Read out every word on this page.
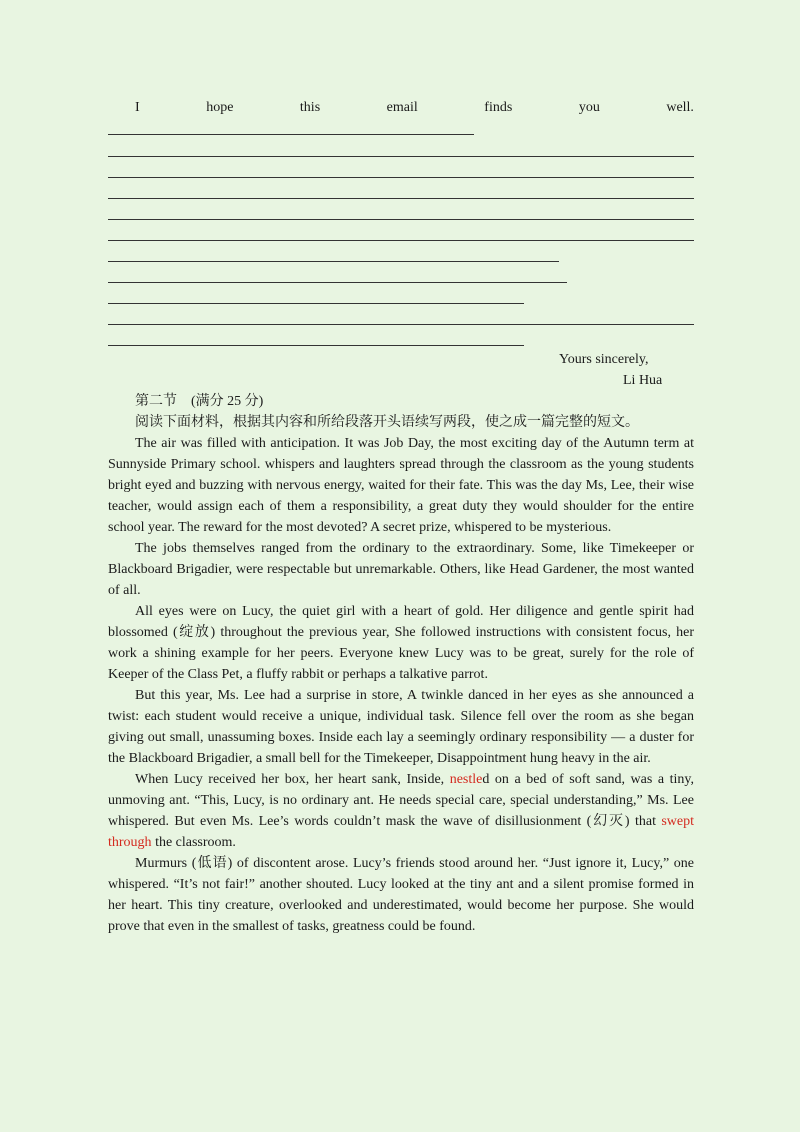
I	hope	this	email	finds	you	well.
Yours sincerely,
Li Hua

第二节　(满分 25 分)

阅读下面材料，根据其内容和所给段落开头语续写两段，使之成一篇完整的短文。

The air was filled with anticipation. It was Job Day, the most exciting day of the Autumn term at Sunnyside Primary school. whispers and laughters spread through the classroom as the young students bright eyed and buzzing with nervous energy, waited for their fate. This was the day Ms, Lee, their wise teacher, would assign each of them a responsibility, a great duty they would shoulder for the entire school year. The reward for the most devoted? A secret prize, whispered to be mysterious.

The jobs themselves ranged from the ordinary to the extraordinary. Some, like Timekeeper or Blackboard Brigadier, were respectable but unremarkable. Others, like Head Gardener, the most wanted

of all.

All eyes were on Lucy, the quiet girl with a heart of gold. Her diligence and gentle spirit had blossomed (绽放) throughout the previous year, She followed instructions with consistent focus, her work a shining example for her peers. Everyone knew Lucy was to be great, surely for the role of Keeper of the Class Pet, a fluffy rabbit or perhaps a talkative parrot.

But this year, Ms. Lee had a surprise in store, A twinkle danced in her eyes as she announced a twist: each student would receive a unique, individual task. Silence fell over the room as she began giving out small, unassuming boxes. Inside each lay a seemingly ordinary responsibility — a duster for the Blackboard Brigadier, a small bell for the Timekeeper, Disappointment hung heavy in the air.

When Lucy received her box, her heart sank, Inside, nestled on a bed of soft sand, was a tiny, unmoving ant. “This, Lucy, is no ordinary ant. He needs special care, special understanding,” Ms. Lee whispered. But even Ms. Lee’s words couldn’t mask the wave of disillusionment (幻灭) that swept through the classroom.

Murmurs (低语) of discontent arose. Lucy’s friends stood around her. “Just ignore it, Lucy,” one whispered. “It’s not fair!” another shouted. Lucy looked at the tiny ant and a silent promise formed in her heart. This tiny creature, overlooked and underestimated, would become her purpose. She would prove that even in the smallest of tasks, greatness could be found.
